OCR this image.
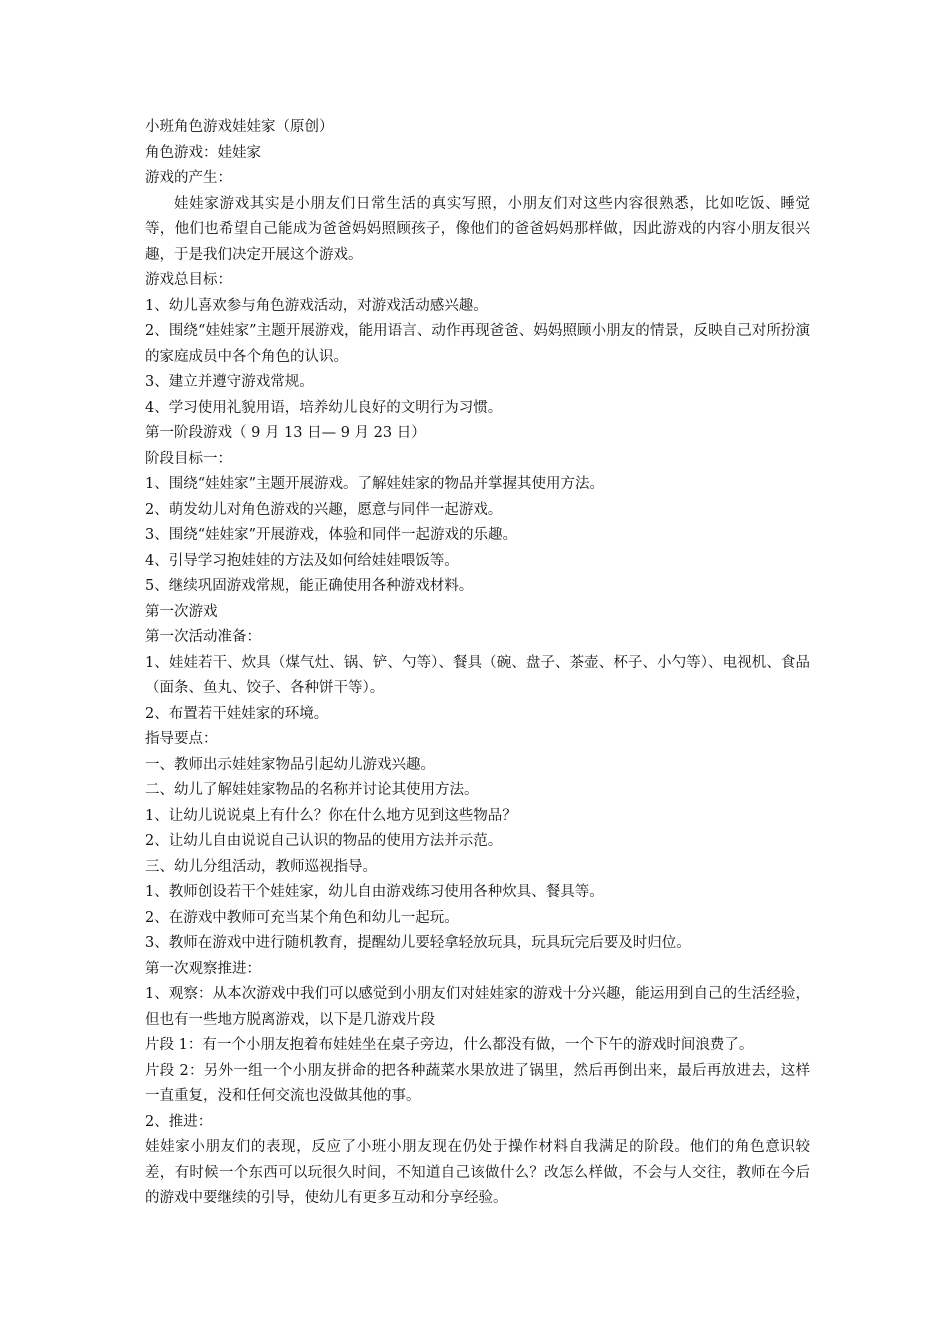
小班角色游戏娃娃家（原创）

角色游戏：娃娃家

游戏的产生：

娃娃家游戏其实是小朋友们日常生活的真实写照，小朋友们对这些内容很熟悉，比如吃饭、睡觉等，他们也希望自己能成为爸爸妈妈照顾孩子，像他们的爸爸妈妈那样做，因此游戏的内容小朋友很兴趣，于是我们决定开展这个游戏。

游戏总目标：

1、幼儿喜欢参与角色游戏活动，对游戏活动感兴趣。

2、围绕“娃娃家”主题开展游戏，能用语言、动作再现爸爸、妈妈照顾小朋友的情景，反映自己对所扮演的家庭成员中各个角色的认识。

3、建立并遵守游戏常规。

4、学习使用礼貌用语，培养幼儿良好的文明行为习惯。

第一阶段游戏（ 9 月 13 日— 9 月 23 日）

阶段目标一：

1、围绕“娃娃家”主题开展游戏。了解娃娃家的物品并掌握其使用方法。

2、萌发幼儿对角色游戏的兴趣，愿意与同伴一起游戏。

3、围绕“娃娃家”开展游戏，体验和同伴一起游戏的乐趣。

4、引导学习抱娃娃的方法及如何给娃娃喂饭等。

5、继续巩固游戏常规，能正确使用各种游戏材料。

第一次游戏

第一次活动准备：

1、娃娃若干、炊具（煤气灶、锅、铲、勺等）、餐具（碗、盘子、茶壶、杯子、小勺等）、电视机、食品（面条、鱼丸、饺子、各种饼干等）。

2、布置若干娃娃家的环境。

指导要点：

一、教师出示娃娃家物品引起幼儿游戏兴趣。

二、幼儿了解娃娃家物品的名称并讨论其使用方法。

1、让幼儿说说桌上有什么？你在什么地方见到这些物品？

2、让幼儿自由说说自己认识的物品的使用方法并示范。

三、幼儿分组活动，教师巡视指导。

1、教师创设若干个娃娃家，幼儿自由游戏练习使用各种炊具、餐具等。

2、在游戏中教师可充当某个角色和幼儿一起玩。

3、教师在游戏中进行随机教育，提醒幼儿要轻拿轻放玩具，玩具玩完后要及时归位。

第一次观察推进：

1、观察：从本次游戏中我们可以感觉到小朋友们对娃娃家的游戏十分兴趣，能运用到自己的生活经验，但也有一些地方脱离游戏，以下是几游戏片段

片段 1：有一个小朋友抱着布娃娃坐在桌子旁边，什么都没有做，一个下午的游戏时间浪费了。

片段 2：另外一组一个小朋友拼命的把各种蔬菜水果放进了锅里，然后再倒出来，最后再放进去，这样一直重复，没和任何交流也没做其他的事。

2、推进：

娃娃家小朋友们的表现，反应了小班小朋友现在仍处于操作材料自我满足的阶段。他们的角色意识较差，有时候一个东西可以玩很久时间，不知道自己该做什么？改怎么样做，不会与人交往，教师在今后的游戏中要继续的引导，使幼儿有更多互动和分享经验。
